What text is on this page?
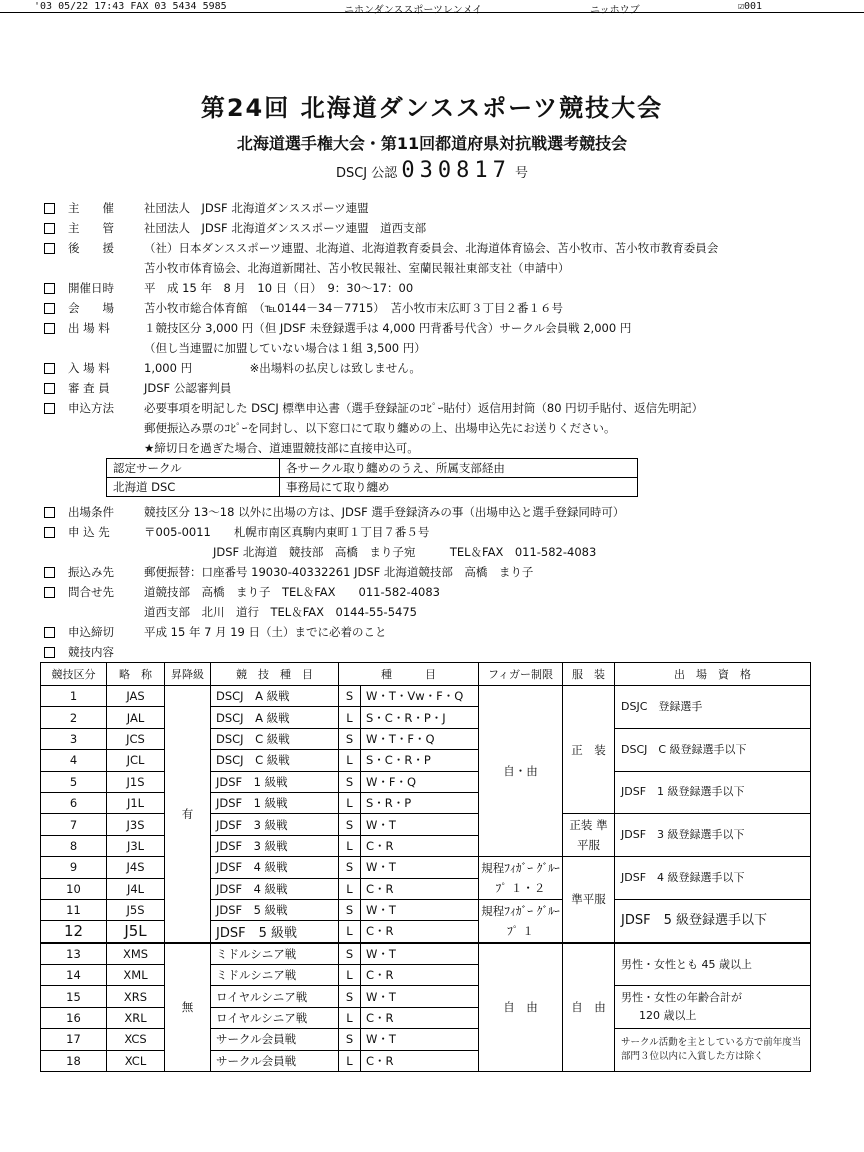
'03 05/22 17:43 FAX 03 5434 5985	ニホンダンススポーツレンメイ	ニッホウブ	☑001
第24回 北海道ダンススポーツ競技大会
北海道選手権大会・第11回都道府県対抗戦選考競技会
DSCJ 公認 030817 号
主　　催	社団法人　JDSF 北海道ダンススポーツ連盟
主　　管	社団法人　JDSF 北海道ダンススポーツ連盟　道西支部
後　　援	（社）日本ダンススポーツ連盟、北海道、北海道教育委員会、北海道体育協会、苫小牧市、苫小牧市教育委員会
苫小牧市体育協会、北海道新聞社、苫小牧民報社、室蘭民報社東部支社（申請中）
開催日時	平　成 15 年　8 月　10 日（日）　9：30～17：00
会　　場	苫小牧市総合体育館　（℡0144－34－7715）　苫小牧市末広町３丁目２番１６号
出 場 料	１競技区分 3,000 円（但 JDSF 未登録選手は 4,000 円背番号代含）サークル会員戦 2,000 円
（但し当連盟に加盟していない場合は１組 3,500 円）
入 場 料	1,000 円　　　　　※出場料の払戻しは致しません。
審 査 員	JDSF 公認審判員
申込方法	必要事項を明記した DSCJ 標準申込書（選手登録証のｺﾋﾟｰ貼付）返信用封筒（80 円切手貼付、返信先明記）
郵便振込み票のｺﾋﾟｰを同封し、以下窓口にて取り纏めの上、出場申込先にお送りください。
★締切日を過ぎた場合、道連盟競技部に直接申込可。
認定サークル	各サークル取り纏めのうえ、所属支部経由
北海道 DSC	事務局にて取り纏め
出場条件	競技区分 13～18 以外に出場の方は、JDSF 選手登録済みの事（出場申込と選手登録同時可）
申 込 先	〒005-0011　　札幌市南区真駒内東町１丁目７番５号
　　　　　　JDSF 北海道　競技部　高橋　まり子宛　　　TEL＆FAX　011-582-4083
振込み先	郵便振替：口座番号 19030-40332261 JDSF 北海道競技部　高橋　まり子
問合せ先	道競技部　高橋　まり子　TEL＆FAX　　011-582-4083
道西支部　北川　道行　TEL＆FAX　0144-55-5475
申込締切	平成 15 年 7 月 19 日（土）までに必着のこと
競技内容
競技区分	略　称	昇降級	競　技　種　目	種　　　目		フィガー制限	服　装	出　場　資　格
1	JAS	有	DSCJ　A 級戦	S	W・T・Vw・F・Q	自・由	正　装	DSJC　登録選手
2	JAL		DSCJ　A 級戦	L	S・C・R・P・J			
3	JCS		DSCJ　C 級戦	S	W・T・F・Q			DSCJ　C 級登録選手以下
4	JCL		DSCJ　C 級戦	L	S・C・R・P			
5	J1S		JDSF　1 級戦	S	W・F・Q			JDSF　1 級登録選手以下
6	J1L		JDSF　1 級戦	L	S・R・P			
7	J3S		JDSF　3 級戦	S	W・T		正装 準平服	JDSF　3 級登録選手以下
8	J3L		JDSF　3 級戦	L	C・R			
9	J4S		JDSF　4 級戦	S	W・T	規程ﾌｨｶﾞｰ ｸﾞﾙｰﾌﾟ １・２	準平服	JDSF　4 級登録選手以下
10	J4L		JDSF　4 級戦	L	C・R			
11	J5S		JDSF　5 級戦	S	W・T	規程ﾌｨｶﾞｰ ｸﾞﾙｰﾌﾟ １		JDSF　5 級登録選手以下
12	J5L		JDSF　5 級戦	L	C・R			
13	XMS	無	ミドルシニア戦	S	W・T	自　由	自　由	男性・女性とも 45 歳以上
14	XML		ミドルシニア戦	L	C・R			
15	XRS		ロイヤルシニア戦	S	W・T			男性・女性の年齢合計が
120 歳以上

16	XRL		ロイヤルシニア戦	L	C・R			
17	XCS		サークル会員戦	S	W・T			サークル活動を主としている方で前年度当部門３位以内に入賞した方は除く
18	XCL		サークル会員戦	L	C・R			
